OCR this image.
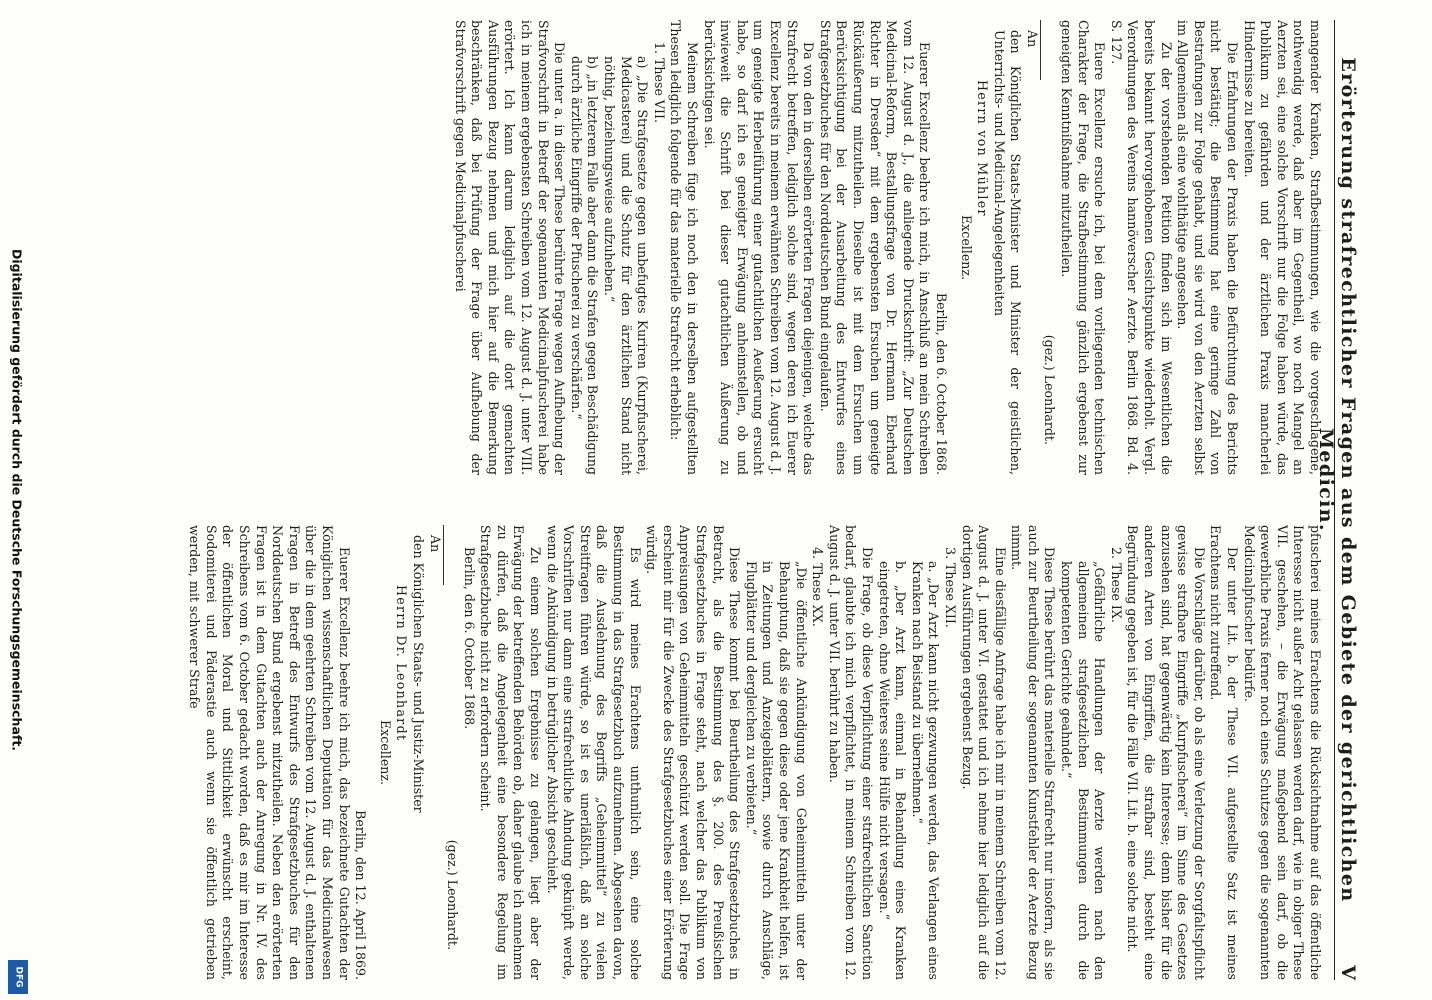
Erörterung strafrechtlicher Fragen aus dem Gebiete der gerichtlichen Medicin.
V

mangender Kranken, Strafbestimmungen, wie die vorgeschlagene, nothwendig werde, daß aber im Gegentheil, wo noch Mangel an Aerzten sei, eine solche Vorschrift nur die Folge haben würde, das Publikum zu gefährden und der ärztlichen Praxis mancherlei Hindernisse zu bereiten.

Die Erfahrungen der Praxis haben die Befürchtung des Berichts nicht bestätigt; die Bestimmung hat eine geringe Zahl von Bestrafungen zur Folge gehabt, und sie wird von den Aerzten selbst im Allgemeinen als eine wohlthätige angesehen.

Zu der vorstehenden Petition finden sich im Wesentlichen die bereits bekannt hervorgehobenen Gesichtspunkte wiederholt. Vergl. Verordnungen des Vereins hannöverscher Aerzte. Berlin 1868. Bd. 4. S. 127.

Euere Excellenz ersuche ich, bei dem vorliegenden technischen Charakter der Frage, die Strafbestimmung gänzlich ergebenst zur geneigten Kenntnißnahme mitzutheilen.

(gez.) Leonhardt.

An

den Königlichen Staats-Minister und Minister der geistlichen, Unterrichts- und Medicinal-Angelegenheiten

Herrn von Mühler

Excellenz.

Berlin, den 6. October 1868.

Euerer Excellenz beehre ich mich, in Anschluß an mein Schreiben vom 12. August d. J., die anliegende Druckschrift: „Zur Deutschen Medicinal-Reform, Bestallungsfrage von Dr. Hermann Eberhard Richter in Dresden“ mit dem ergebensten Ersuchen um geneigte Rückäußerung mitzutheilen. Dieselbe ist mit dem Ersuchen um Berücksichtigung bei der Ausarbeitung des Entwurfes eines Strafgesetzbuches für den Norddeutschen Bund eingelaufen.

Da von den in derselben erörterten Fragen diejenigen, welche das Strafrecht betreffen, lediglich solche sind, wegen deren ich Euerer Excellenz bereits in meinem erwähnten Schreiben vom 12. August d. J. um geneigte Herbeiführung einer gutachtlichen Aeußerung ersucht habe, so darf ich es geneigter Erwägung anheimstellen, ob und inwieweit die Schrift bei dieser gutachtlichen Äußerung zu berücksichtigen sei.

Meinem Schreiben füge ich noch den in derselben aufgestellten Thesen lediglich folgende für das materielle Strafrecht erheblich:

1. These VII.

a) „Die Strafgesetze gegen unbefugtes Kuriren (Kurpfuscherei, Medicasterei) und die Schutz für den ärztlichen Stand nicht nöthig, beziehungsweise aufzuheben.“

b) „in letzterem Falle aber dann die Strafen gegen Beschädigung durch ärztliche Eingriffe der Pfuscherei zu verschärfen.“

Die unter a. in dieser These berührte Frage wegen Aufhebung der Strafvorschrift in Betreff der sogenannten Medicinalpfuscherei habe ich in meinem ergebensten Schreiben vom 12. August d. J. unter VIII. erörtert. Ich kann darum lediglich auf die dort gemachten Ausführungen Bezug nehmen und mich hier auf die Bemerkung beschränken, daß bei Prüfung der Frage über Aufhebung der Strafvorschrift gegen Medicinalpfuscherei

pfuscherei meines Erachtens die Rücksichtnahme auf das öffentliche Interesse nicht außer Acht gelassen werden darf, wie in obiger These VII. geschehen, – die Erwägung maßgebend sein darf, ob die gewerbliche Praxis ferner noch eines Schutzes gegen die sogenannten Medicinalpfuscher bedürfe.

Der unter Lit. b. der These VII. aufgestellte Satz ist meines Erachtens nicht zutreffend.

Die Vorschläge darüber, ob als eine Verletzung der Sorgfaltspflicht gewisse strafbare Eingriffe „Kurpfuscherei“ im Sinne des Gesetzes anzusehen sind, hat gegenwärtig kein Interesse; denn bisher für die anderen Arten von Eingriffen, die strafbar sind, besteht eine Begründung gegeben ist, für die Fälle VII. Lit. b. eine solche nicht.

2. These IX.

„Gefährliche Handlungen der Aerzte werden nach den allgemeinen strafgesetzlichen Bestimmungen durch die kompetenten Gerichte geahndet.“

Diese These berührt das materielle Strafrecht nur insofern, als sie auch zur Beurtheilung der sogenannten Kunstfehler der Aerzte Bezug nimmt.

Eine diesfällige Anfrage habe ich mir in meinem Schreiben vom 12. August d. J. unter VI. gestattet und ich nehme hier lediglich auf die dortigen Ausführungen ergebenst Bezug.

3. These XII.

a. „Der Arzt kann nicht gezwungen werden, das Verlangen eines Kranken nach Beistand zu übernehmen.“

b. „Der Arzt kann, einmal in Behandlung eines Kranken eingetreten, ohne Weiteres seine Hülfe nicht versagen.“

Die Frage, ob diese Verpflichtung einer strafrechtlichen Sanction bedarf, glaubte ich mich verpflichtet, in meinem Schreiben vom 12. August d. J. unter VII. berührt zu haben.

4. These XX.

„Die öffentliche Ankündigung von Geheimmitteln unter der Behauptung, daß sie gegen diese oder jene Krankheit helfen, ist in Zeitungen und Anzeigeblättern, sowie durch Anschläge, Flugblätter und dergleichen zu verbieten.“

Diese These kommt bei Beurtheilung des Strafgesetzbuches in Betracht, als die Bestimmung des §. 200. des Preußischen Strafgesetzbuches in Frage steht, nach welcher das Publikum von Anpreisungen von Geheimmitteln geschützt werden soll. Die Frage erscheint mir für die Zwecke des Strafgesetzbuches einer Erörterung würdig.

Es wird meines Erachtens unthunlich sein, eine solche Bestimmung in das Strafgesetzbuch aufzunehmen. Abgesehen davon, daß die Ausdehnung des Begriffs „Geheimmittel“ zu vielen Streitfragen führen würde, so ist es unerläßlich, daß an solche Vorschriften nur dann eine strafrechtliche Ahndung geknüpft werde, wenn die Ankündigung in betrüglicher Absicht geschieht.

Zu einem solchen Ergebnisse zu gelangen, liegt aber der Erwägung der betreffenden Behörden ob, daher glaube ich annehmen zu dürfen, daß die Angelegenheit eine besondere Regelung im Strafgesetzbuche nicht zu erfordern scheint.

Berlin, den 6. October 1868.

(gez.) Leonhardt.

An

den Königlichen Staats- und Justiz-Minister

Herrn Dr. Leonhardt

Excellenz.

Berlin, den 12. April 1869.

Euerer Excellenz beehre ich mich, das bezeichnete Gutachten der Königlichen wissenschaftlichen Deputation für das Medicinalwesen über die in dem geehrten Schreiben vom 12. August d. J. enthaltenen Fragen in Betreff des Entwurfs des Strafgesetzbuches für den Norddeutschen Bund ergebenst mitzutheilen. Neben den erörterten Fragen ist in dem Gutachten auch der Anregung in Nr. IV. des Schreibens vom 6. October gedacht worden, daß es mir im Interesse der öffentlichen Moral und Sittlichkeit erwünscht erscheint, Sodomiterei und Päderastie auch wenn sie öffentlich getrieben werden, mit schwerer Strafe

Digitalisierung gefördert durch die Deutsche Forschungsgemeinschaft.
DFG
